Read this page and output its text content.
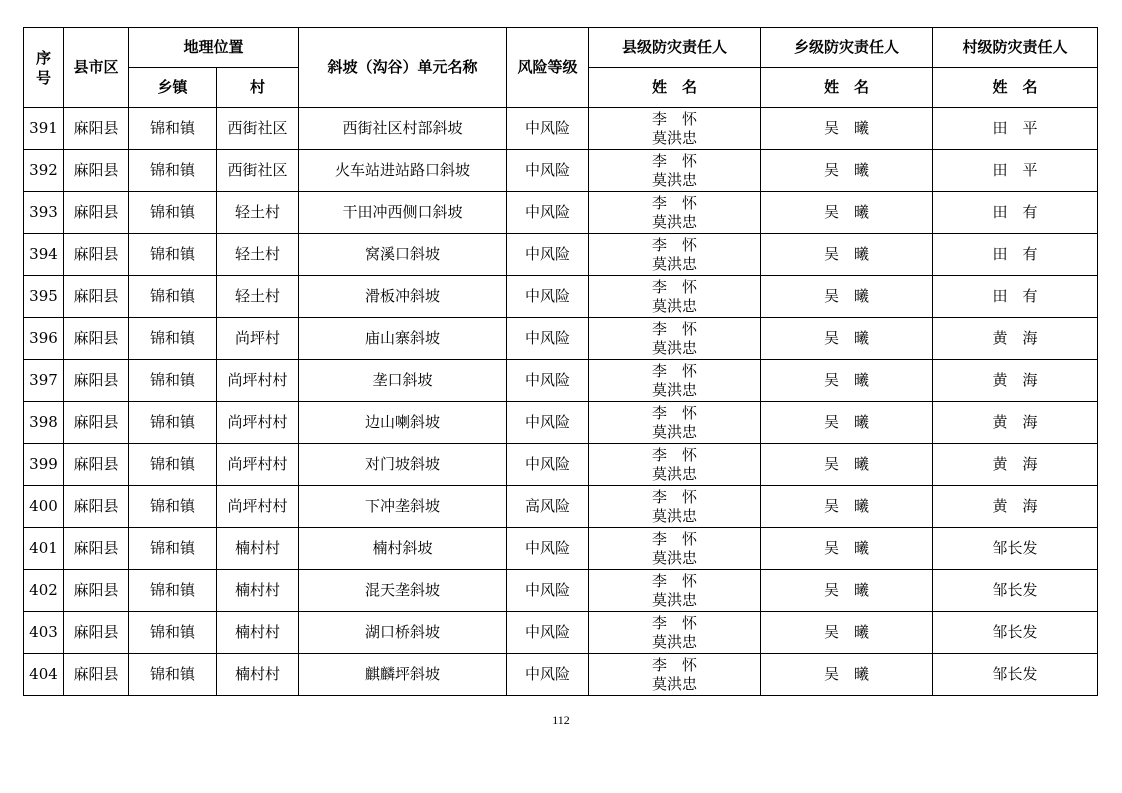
序号	县市区	地理位置		斜坡（沟谷）单元名称	风险等级	县级防灾责任人	乡级防灾责任人	村级防灾责任人
		乡镇	村			姓　名	姓　名	姓　名
391	麻阳县	锦和镇	西街社区	西街社区村部斜坡	中风险	李　怀
莫洪忠	吴　曦	田　平
392	麻阳县	锦和镇	西街社区	火车站进站路口斜坡	中风险	李　怀
莫洪忠	吴　曦	田　平
393	麻阳县	锦和镇	轻土村	干田冲西侧口斜坡	中风险	李　怀
莫洪忠	吴　曦	田　有
394	麻阳县	锦和镇	轻土村	窝溪口斜坡	中风险	李　怀
莫洪忠	吴　曦	田　有
395	麻阳县	锦和镇	轻土村	滑板冲斜坡	中风险	李　怀
莫洪忠	吴　曦	田　有
396	麻阳县	锦和镇	尚坪村	庙山寨斜坡	中风险	李　怀
莫洪忠	吴　曦	黄　海
397	麻阳县	锦和镇	尚坪村村	垄口斜坡	中风险	李　怀
莫洪忠	吴　曦	黄　海
398	麻阳县	锦和镇	尚坪村村	边山喇斜坡	中风险	李　怀
莫洪忠	吴　曦	黄　海
399	麻阳县	锦和镇	尚坪村村	对门坡斜坡	中风险	李　怀
莫洪忠	吴　曦	黄　海
400	麻阳县	锦和镇	尚坪村村	下冲垄斜坡	高风险	李　怀
莫洪忠	吴　曦	黄　海
401	麻阳县	锦和镇	楠村村	楠村斜坡	中风险	李　怀
莫洪忠	吴　曦	邹长发
402	麻阳县	锦和镇	楠村村	混天垄斜坡	中风险	李　怀
莫洪忠	吴　曦	邹长发
403	麻阳县	锦和镇	楠村村	湖口桥斜坡	中风险	李　怀
莫洪忠	吴　曦	邹长发
404	麻阳县	锦和镇	楠村村	麒麟坪斜坡	中风险	李　怀
莫洪忠	吴　曦	邹长发
112
